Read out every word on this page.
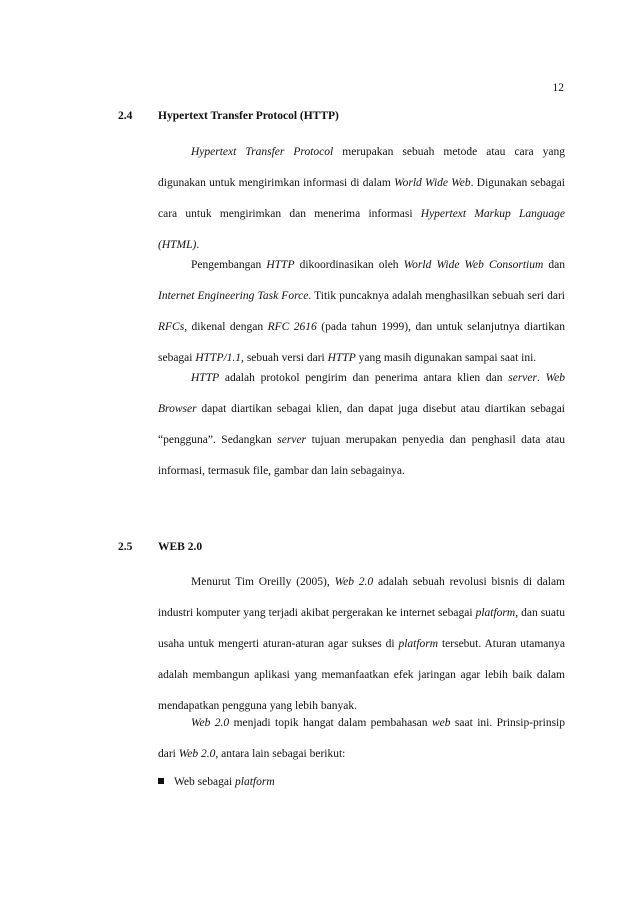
12
2.4 Hypertext Transfer Protocol (HTTP)
Hypertext Transfer Protocol merupakan sebuah metode atau cara yang digunakan untuk mengirimkan informasi di dalam World Wide Web. Digunakan sebagai cara untuk mengirimkan dan menerima informasi Hypertext Markup Language (HTML).
Pengembangan HTTP dikoordinasikan oleh World Wide Web Consortium dan Internet Engineering Task Force. Titik puncaknya adalah menghasilkan sebuah seri dari RFCs, dikenal dengan RFC 2616 (pada tahun 1999), dan untuk selanjutnya diartikan sebagai HTTP/1.1, sebuah versi dari HTTP yang masih digunakan sampai saat ini.
HTTP adalah protokol pengirim dan penerima antara klien dan server. Web Browser dapat diartikan sebagai klien, dan dapat juga disebut atau diartikan sebagai “pengguna”. Sedangkan server tujuan merupakan penyedia dan penghasil data atau informasi, termasuk file, gambar dan lain sebagainya.
2.5 WEB 2.0
Menurut Tim Oreilly (2005), Web 2.0 adalah sebuah revolusi bisnis di dalam industri komputer yang terjadi akibat pergerakan ke internet sebagai platform, dan suatu usaha untuk mengerti aturan-aturan agar sukses di platform tersebut. Aturan utamanya adalah membangun aplikasi yang memanfaatkan efek jaringan agar lebih baik dalam mendapatkan pengguna yang lebih banyak.
Web 2.0 menjadi topik hangat dalam pembahasan web saat ini. Prinsip-prinsip dari Web 2.0, antara lain sebagai berikut:
Web sebagai platform
